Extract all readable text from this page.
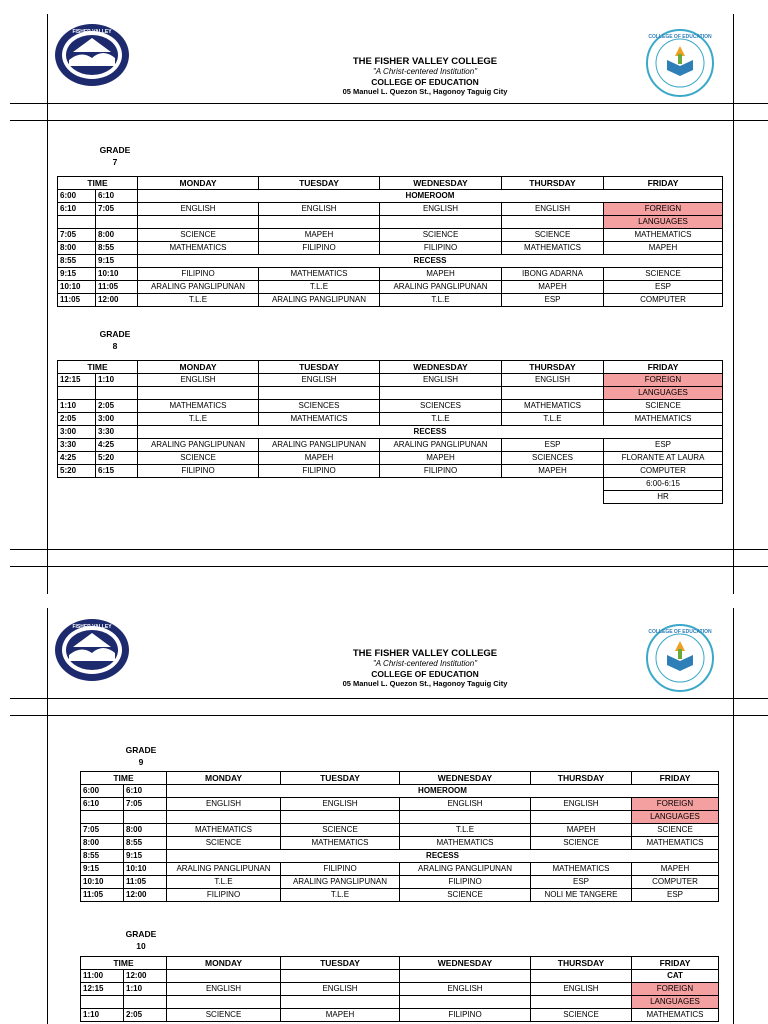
FISHER VALLEY
COLLEGE OF EDUCATION
THE FISHER VALLEY COLLEGE
"A Christ-centered Institution"
COLLEGE OF EDUCATION
05 Manuel L. Quezon St., Hagonoy Taguig City
GRADE
7
TIME		MONDAY	TUESDAY	WEDNESDAY	THURSDAY	FRIDAY
6:00	6:10	HOMEROOM				
6:10	7:05	ENGLISH	ENGLISH	ENGLISH	ENGLISH	FOREIGN
						LANGUAGES
7:05	8:00	SCIENCE	MAPEH	SCIENCE	SCIENCE	MATHEMATICS
8:00	8:55	MATHEMATICS	FILIPINO	FILIPINO	MATHEMATICS	MAPEH
8:55	9:15	RECESS				
9:15	10:10	FILIPINO	MATHEMATICS	MAPEH	IBONG ADARNA	SCIENCE
10:10	11:05	ARALING PANGLIPUNAN	T.L.E	ARALING PANGLIPUNAN	MAPEH	ESP
11:05	12:00	T.L.E	ARALING PANGLIPUNAN	T.L.E	ESP	COMPUTER
GRADE
8
TIME		MONDAY	TUESDAY	WEDNESDAY	THURSDAY	FRIDAY
12:15	1:10	ENGLISH	ENGLISH	ENGLISH	ENGLISH	FOREIGN
						LANGUAGES
1:10	2:05	MATHEMATICS	SCIENCES	SCIENCES	MATHEMATICS	SCIENCE
2:05	3:00	T.L.E	MATHEMATICS	T.L.E	T.L.E	MATHEMATICS
3:00	3:30	RECESS				
3:30	4:25	ARALING PANGLIPUNAN	ARALING PANGLIPUNAN	ARALING PANGLIPUNAN	ESP	ESP
4:25	5:20	SCIENCE	MAPEH	MAPEH	SCIENCES	FLORANTE AT LAURA
5:20	6:15	FILIPINO	FILIPINO	FILIPINO	MAPEH	COMPUTER
						6:00-6:15
						HR
FISHER VALLEY
COLLEGE OF EDUCATION
THE FISHER VALLEY COLLEGE
"A Christ-centered Institution"
COLLEGE OF EDUCATION
05 Manuel L. Quezon St., Hagonoy Taguig City
GRADE
9
TIME		MONDAY	TUESDAY	WEDNESDAY	THURSDAY	FRIDAY
6:00	6:10	HOMEROOM				
6:10	7:05	ENGLISH	ENGLISH	ENGLISH	ENGLISH	FOREIGN
						LANGUAGES
7:05	8:00	MATHEMATICS	SCIENCE	T.L.E	MAPEH	SCIENCE
8:00	8:55	SCIENCE	MATHEMATICS	MATHEMATICS	SCIENCE	MATHEMATICS
8:55	9:15	RECESS				
9:15	10:10	ARALING PANGLIPUNAN	FILIPINO	ARALING PANGLIPUNAN	MATHEMATICS	MAPEH
10:10	11:05	T.L.E	ARALING PANGLIPUNAN	FILIPINO	ESP	COMPUTER
11:05	12:00	FILIPINO	T.L.E	SCIENCE	NOLI ME TANGERE	ESP
GRADE
10
TIME		MONDAY	TUESDAY	WEDNESDAY	THURSDAY	FRIDAY
11:00	12:00					CAT
12:15	1:10	ENGLISH	ENGLISH	ENGLISH	ENGLISH	FOREIGN
						LANGUAGES
1:10	2:05	SCIENCE	MAPEH	FILIPINO	SCIENCE	MATHEMATICS
